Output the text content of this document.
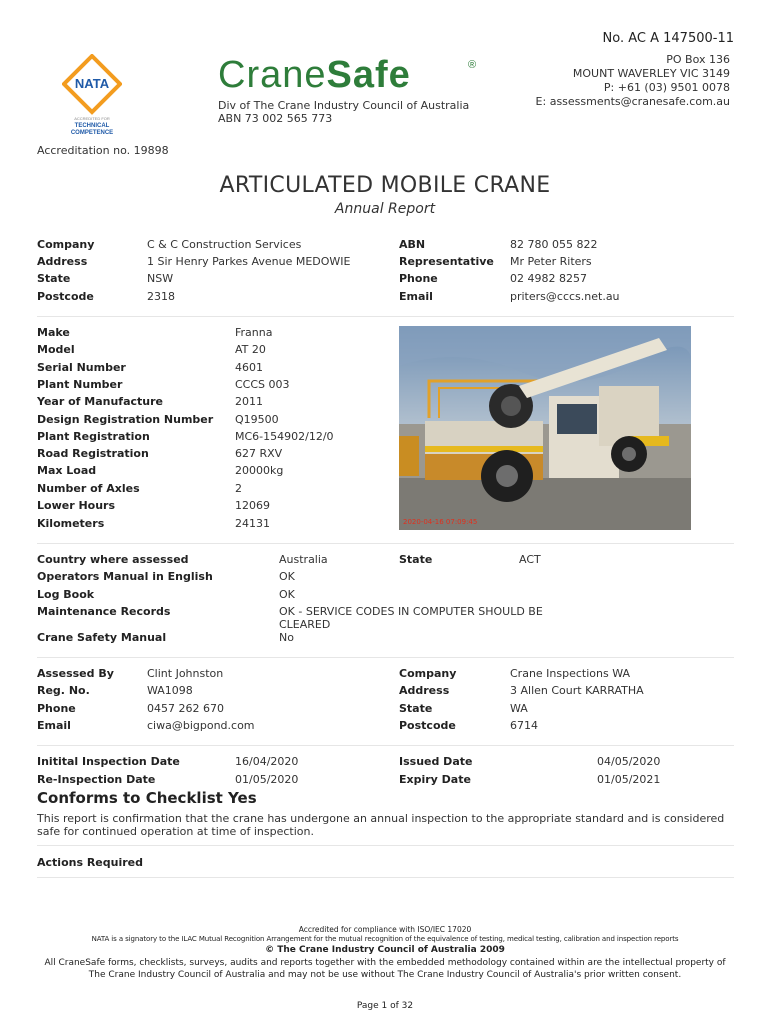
No. AC A 147500-11
PO Box 136
MOUNT WAVERLEY VIC 3149
P: +61 (03) 9501 0078
E: assessments@cranesafe.com.au
NATA
ACCREDITED FOR
TECHNICAL
COMPETENCE
CraneSafe	®
Div of The Crane Industry Council of Australia
ABN 73 002 565 773
Accreditation no. 19898
ARTICULATED MOBILE CRANE
Annual Report
Company	C & C Construction Services
Address	1 Sir Henry Parkes Avenue MEDOWIE
State	NSW
Postcode	2318
ABN	82 780 055 822
Representative Mr Peter Riters
Phone	02 4982 8257
Email	priters@cccs.net.au
Make	Franna
Model	AT 20
Serial Number	4601
Plant Number	CCCS 003
Year of Manufacture	2011
Design Registration Number Q19500
Plant Registration	MC6-154902/12/0
Road Registration	627 RXV
Max Load	20000kg
Number of Axles	2
Lower Hours	12069
Kilometers	24131	2020-04-16 07:09:45
Country where assessed	Australia	State	ACT
Operators Manual in English	OK
Log Book	OK
Maintenance Records	OK - SERVICE CODES IN COMPUTER SHOULD BE CLEARED
Crane Safety Manual	No
Assessed By	Clint Johnston
Reg. No.	WA1098
Phone	0457 262 670
Email	ciwa@bigpond.com
Company	Crane Inspections WA
Address	3 Allen Court KARRATHA
State	WA
Postcode	6714
Initital Inspection Date	16/04/2020
Re-Inspection Date	01/05/2020
Issued Date	04/05/2020
Expiry Date	01/05/2021
Conforms to Checklist Yes
This report is confirmation that the crane has undergone an annual inspection to the appropriate standard and is considered safe for continued operation at time of inspection.
Actions Required
Accredited for compliance with ISO/IEC 17020
NATA is a signatory to the ILAC Mutual Recognition Arrangement for the mutual recognition of the equivalence of testing, medical testing, calibration and inspection reports
© The Crane Industry Council of Australia 2009
All CraneSafe forms, checklists, surveys, audits and reports together with the embedded methodology contained within are the intellectual property of The Crane Industry Council of Australia and may not be use without The Crane Industry Council of Australia's prior written consent.
Page 1 of 32
